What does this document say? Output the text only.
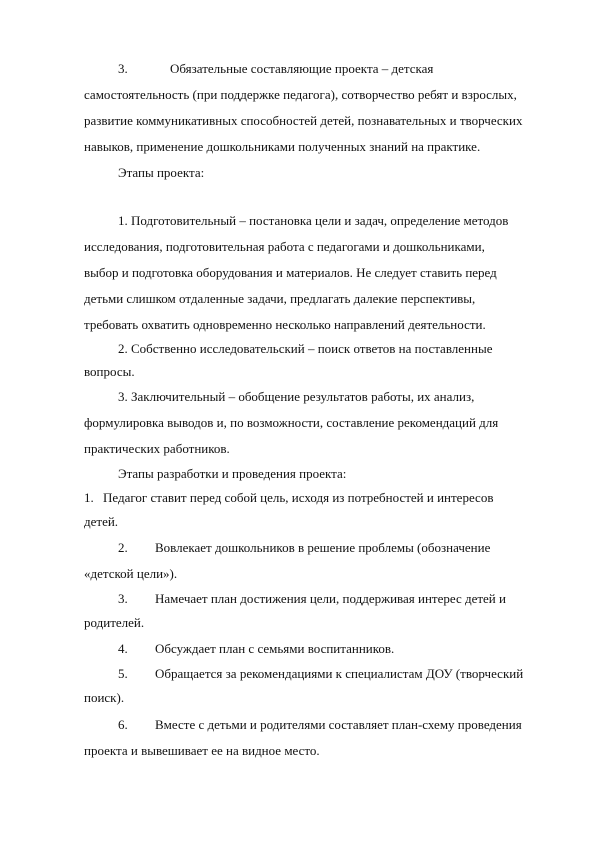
3.	Обязательные составляющие проекта – детская
самостоятельность (при поддержке педагога), сотворчество ребят и взрослых,
развитие коммуникативных способностей детей, познавательных и творческих
навыков, применение дошкольниками полученных знаний на практике.
Этапы проекта:
1. Подготовительный – постановка цели и задач, определение методов
исследования, подготовительная работа с педагогами и дошкольниками,
выбор и подготовка оборудования и материалов. Не следует ставить перед
детьми слишком отдаленные задачи, предлагать далекие перспективы,
требовать охватить одновременно несколько направлений деятельности.
2. Собственно исследовательский – поиск ответов на поставленные
вопросы.
3. Заключительный – обобщение результатов работы, их анализ,
формулировка выводов и, по возможности, составление рекомендаций для
практических работников.
Этапы разработки и проведения проекта:
1. Педагог ставит перед собой цель, исходя из потребностей и интересов
детей.
2. Вовлекает дошкольников в решение проблемы (обозначение
«детской цели»).
3. Намечает план достижения цели, поддерживая интерес детей и
родителей.
4. Обсуждает план с семьями воспитанников.
5. Обращается за рекомендациями к специалистам ДОУ (творческий
поиск).
6. Вместе с детьми и родителями составляет план-схему проведения
проекта и вывешивает ее на видное место.
